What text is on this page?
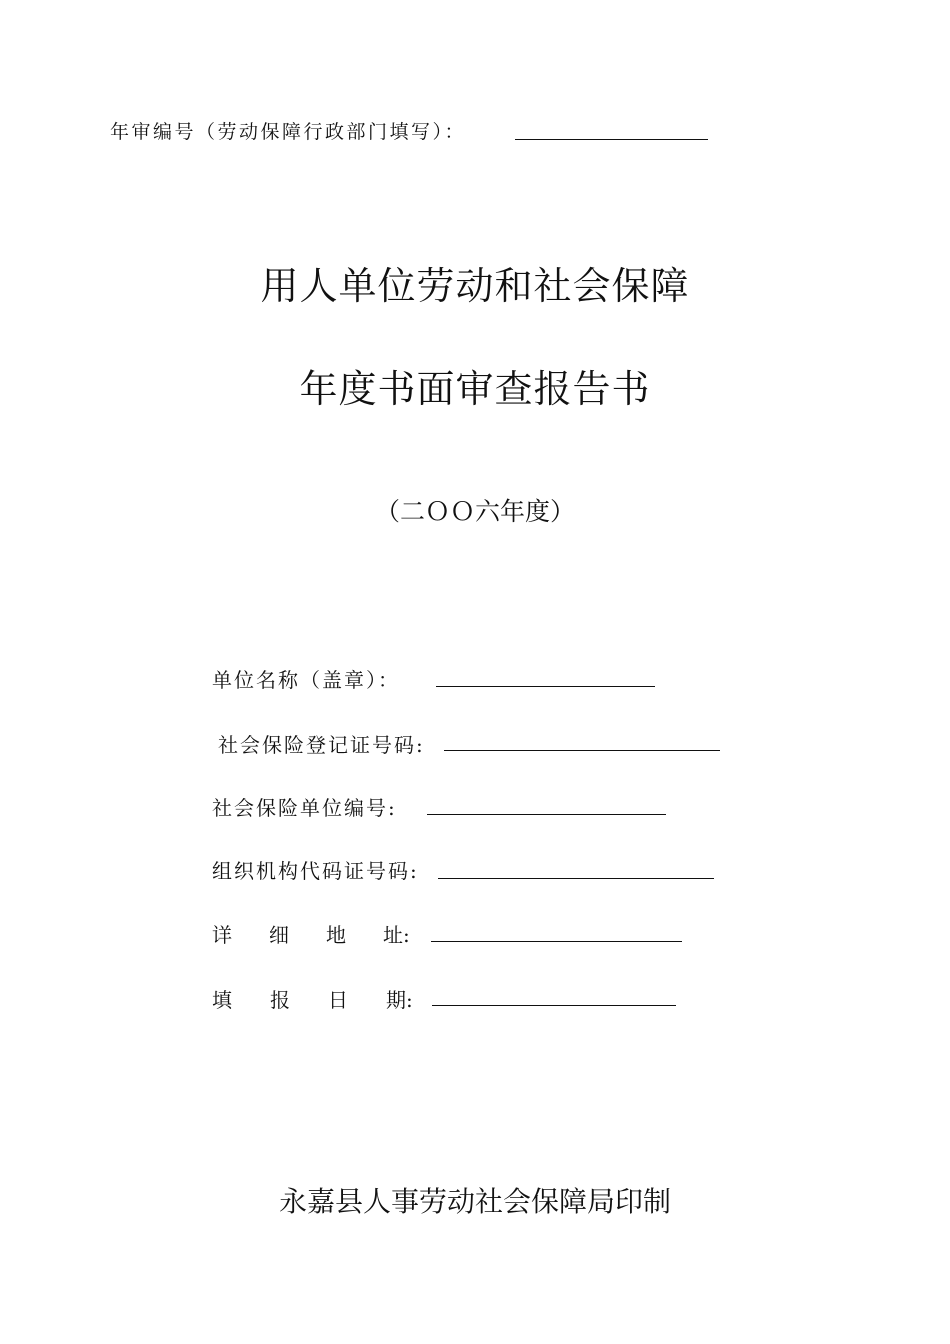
年审编号（劳动保障行政部门填写）：
用人单位劳动和社会保障
年度书面审查报告书
（二ＯＯ六年度）
单位名称（盖章）：
社会保险登记证号码:
社会保险单位编号:
组织机构代码证号码:
详 细 地 址:
填 报 日 期:
永嘉县人事劳动社会保障局印制
